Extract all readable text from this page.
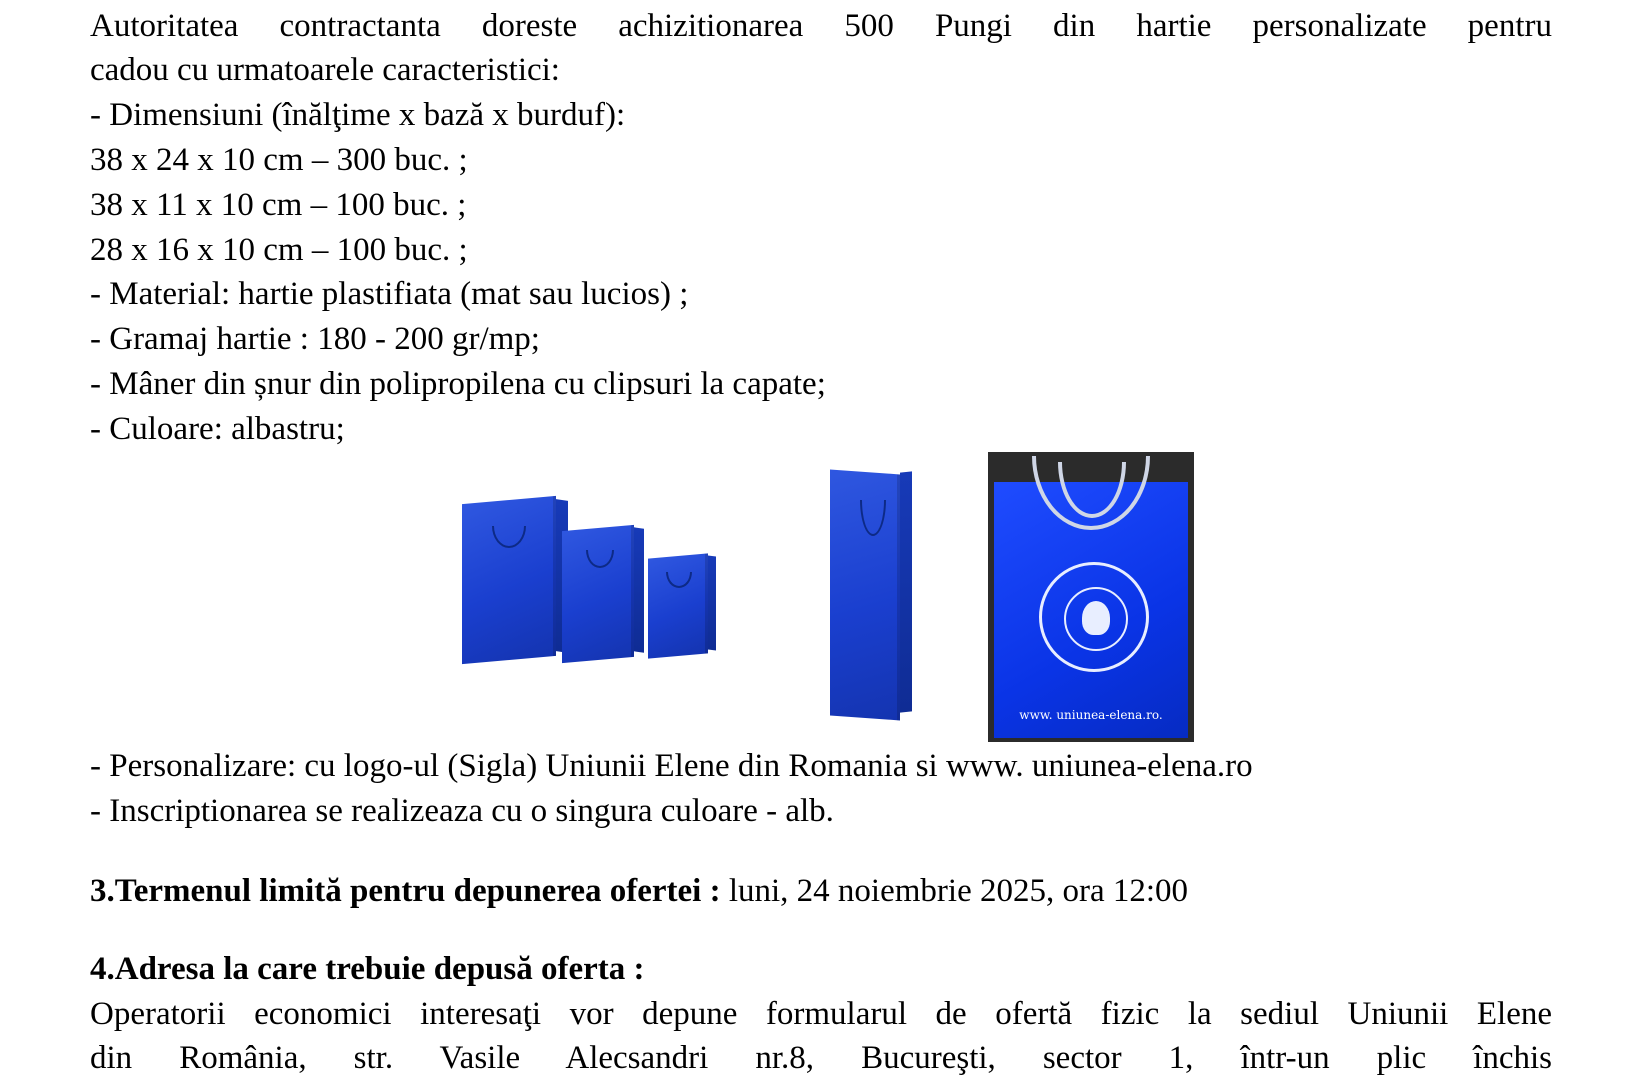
Autoritatea contractanta doreste achizitionarea 500 Pungi din hartie personalizate pentru
cadou cu urmatoarele caracteristici:
- Dimensiuni (înălţime x bază x burduf):
38 x 24 x 10 cm – 300 buc. ;
38 x 11 x 10 cm – 100 buc. ;
28 x 16 x 10 cm – 100 buc. ;
- Material: hartie plastifiata (mat sau lucios) ;
- Gramaj hartie : 180 - 200 gr/mp;
- Mâner din șnur din polipropilena cu clipsuri la capate;
- Culoare: albastru;
www. uniunea-elena.ro.
- Personalizare: cu logo-ul (Sigla) Uniunii Elene din Romania si www. uniunea-elena.ro
- Inscriptionarea se realizeaza cu o singura culoare - alb.
3.Termenul limită pentru depunerea ofertei : luni, 24 noiembrie 2025, ora 12:00
4.Adresa la care trebuie depusă oferta :
Operatorii economici interesaţi vor depune formularul de ofertă fizic la sediul Uniunii Elene
din România, str. Vasile Alecsandri nr.8, Bucureşti, sector 1, într-un plic închis
